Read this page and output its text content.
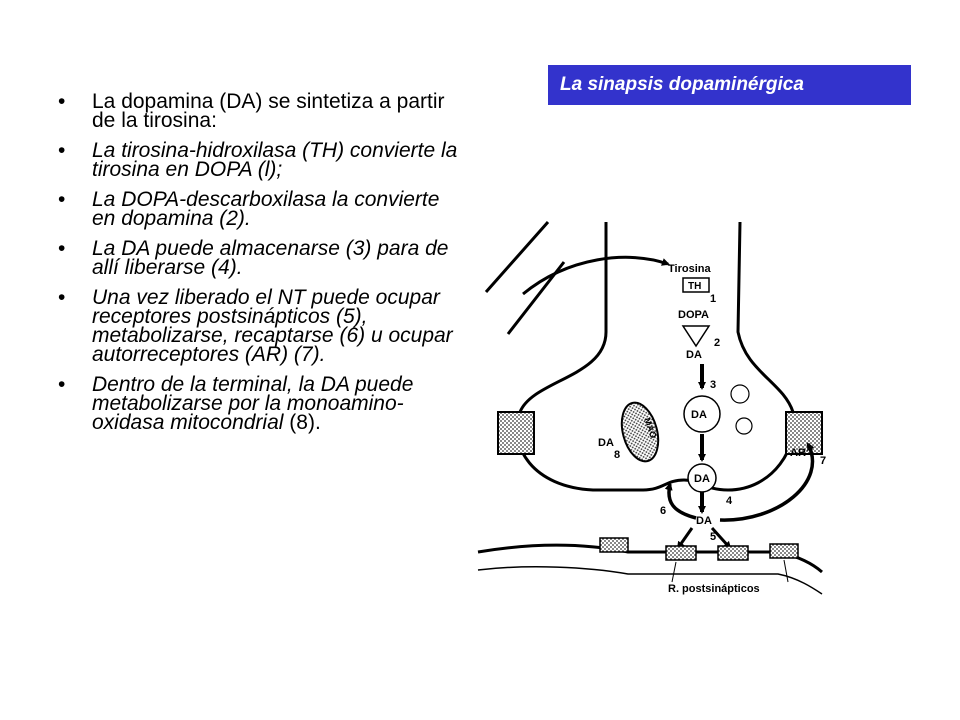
La sinapsis dopaminérgica
• La dopamina (DA) se sintetiza a partir de la tirosina:
• La tirosina-hidroxilasa (TH) convierte la tirosina en DOPA (l);
• La DOPA-descarboxilasa la convierte en dopamina (2).
• La DA puede almacenarse (3) para de allí liberarse (4).
• Una vez liberado el NT puede ocupar receptores postsinápticos (5), metabolizarse, recaptarse (6) u ocupar autorreceptores (AR) (7).
• Dentro de la terminal, la DA puede metabolizarse por la monoamino-oxidasa mitocondrial (8).
AR
Tirosina
TH
1
DOPA
2
DA
3
DA
MAO
DA
8
DA
4
DA
5
6
7
R. postsinápticos
